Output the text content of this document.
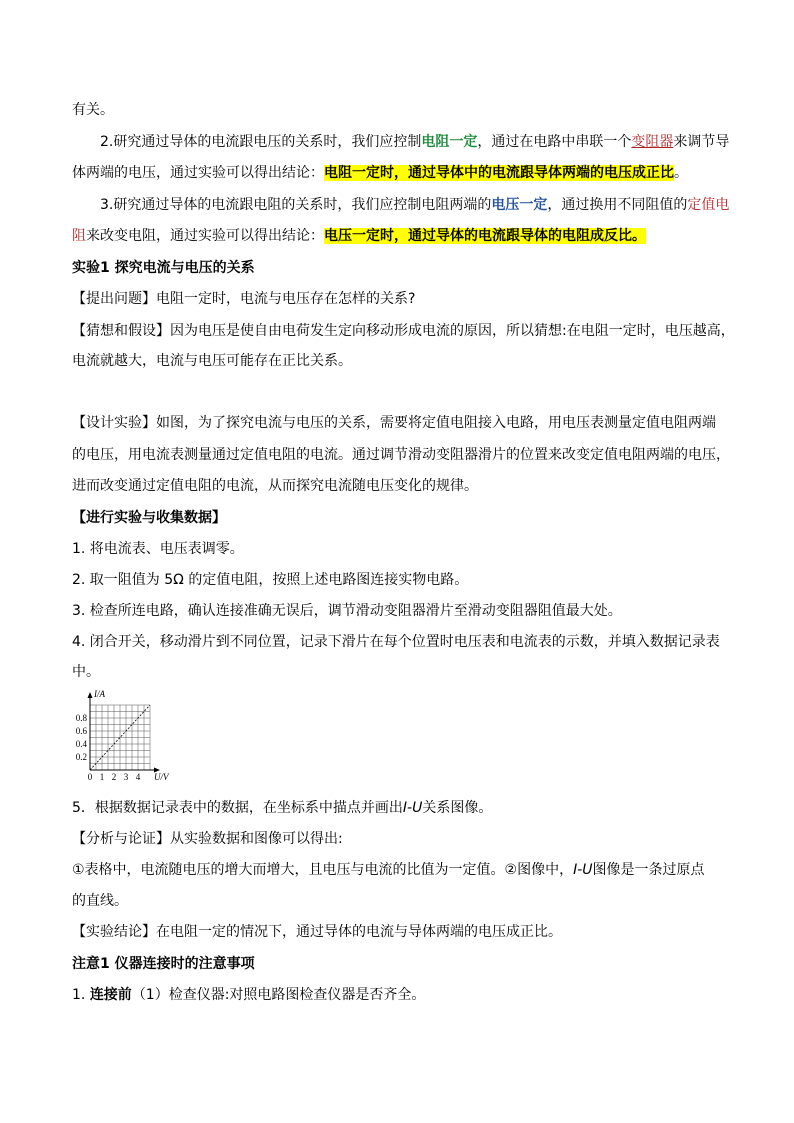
有关。
2.研究通过导体的电流跟电压的关系时，我们应控制电阻一定，通过在电路中串联一个变阻器来调节导
体两端的电压，通过实验可以得出结论：电阻一定时，通过导体中的电流跟导体两端的电压成正比。
3.研究通过导体的电流跟电阻的关系时，我们应控制电阻两端的电压一定，通过换用不同阻值的定值电
阻来改变电阻，通过实验可以得出结论：电压一定时，通过导体的电流跟导体的电阻成反比。
实验1 探究电流与电压的关系
【提出问题】电阻一定时，电流与电压存在怎样的关系?
【猜想和假设】因为电压是使自由电荷发生定向移动形成电流的原因，所以猜想:在电阻一定时，电压越高，
电流就越大，电流与电压可能存在正比关系。
【设计实验】如图，为了探究电流与电压的关系，需要将定值电阻接入电路，用电压表测量定值电阻两端
的电压，用电流表测量通过定值电阻的电流。通过调节滑动变阻器滑片的位置来改变定值电阻两端的电压，
进而改变通过定值电阻的电流，从而探究电流随电压变化的规律。
【进行实验与收集数据】
1. 将电流表、电压表调零。
2. 取一阻值为 5Ω 的定值电阻，按照上述电路图连接实物电路。
3. 检查所连电路，确认连接准确无误后，调节滑动变阻器滑片至滑动变阻器阻值最大处。
4. 闭合开关，移动滑片到不同位置，记录下滑片在每个位置时电压表和电流表的示数，并填入数据记录表
中。
0 1 2 3 4
0.2
0.4
0.6
0.8
I/A
U/V
5．根据数据记录表中的数据，在坐标系中描点并画出I-U关系图像。
【分析与论证】从实验数据和图像可以得出:
①表格中，电流随电压的增大而增大，且电压与电流的比值为一定值。②图像中，I-U图像是一条过原点
的直线。
【实验结论】在电阻一定的情况下，通过导体的电流与导体两端的电压成正比。
注意1 仪器连接时的注意事项
1. 连接前（1）检查仪器:对照电路图检查仪器是否齐全。
